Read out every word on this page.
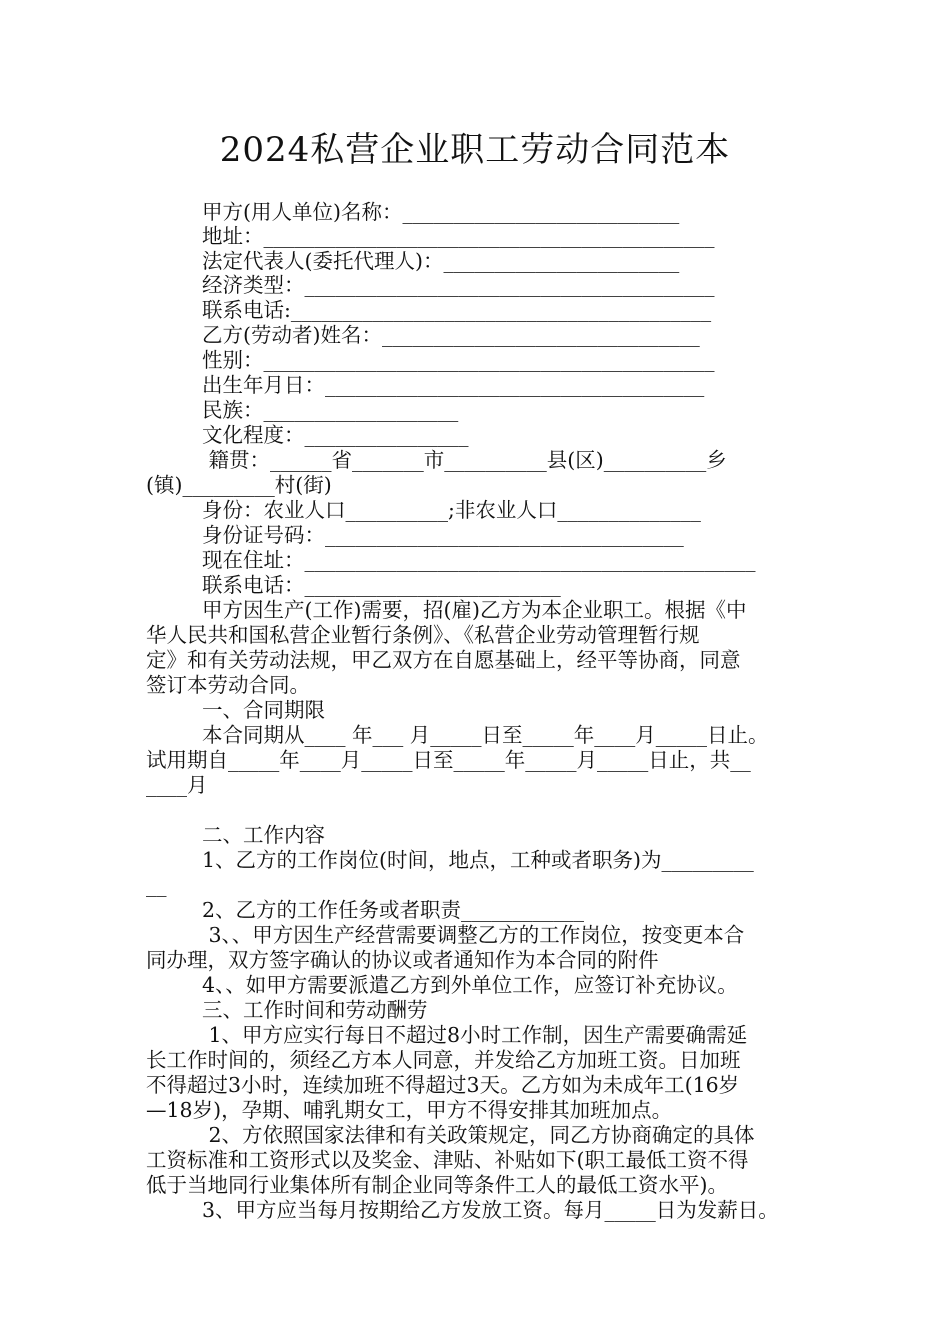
2024私营企业职工劳动合同范本

甲方(用人单位)名称：___________________________

地址：____________________________________________

法定代表人(委托代理人)：_______________________

经济类型：________________________________________

联系电话:_________________________________________

乙方(劳动者)姓名：_______________________________

性别：____________________________________________

出生年月日：_____________________________________

民族：___________________

文化程度：________________

籍贯：______省_______市__________县(区)__________乡

(镇)_________村(街)

身份：农业人口__________;非农业人口______________

身份证号码：___________________________________

现在住址：____________________________________________

联系电话：_________________________

甲方因生产(工作)需要，招(雇)乙方为本企业职工。根据《中

华人民共和国私营企业暂行条例》、《私营企业劳动管理暂行规

定》和有关劳动法规，甲乙双方在自愿基础上，经平等协商，同意

签订本劳动合同。

一、合同期限

本合同期从____ 年___ 月_____日至_____年____月_____日止。

试用期自_____年____月_____日至_____年_____月_____日止，共__

____月

二、工作内容

1、乙方的工作岗位(时间，地点，工种或者职务)为_________

__

2、乙方的工作任务或者职责____________

3、、甲方因生产经营需要调整乙方的工作岗位，按变更本合

同办理，双方签字确认的协议或者通知作为本合同的附件

4、、如甲方需要派遣乙方到外单位工作，应签订补充协议。

三、工作时间和劳动酬劳

1、甲方应实行每日不超过8小时工作制，因生产需要确需延

长工作时间的，须经乙方本人同意，并发给乙方加班工资。日加班

不得超过3小时，连续加班不得超过3天。乙方如为未成年工(16岁

—18岁)，孕期、哺乳期女工，甲方不得安排其加班加点。

2、方依照国家法律和有关政策规定，同乙方协商确定的具体

工资标准和工资形式以及奖金、津贴、补贴如下(职工最低工资不得

低于当地同行业集体所有制企业同等条件工人的最低工资水平)。

3、甲方应当每月按期给乙方发放工资。每月_____日为发薪日。
